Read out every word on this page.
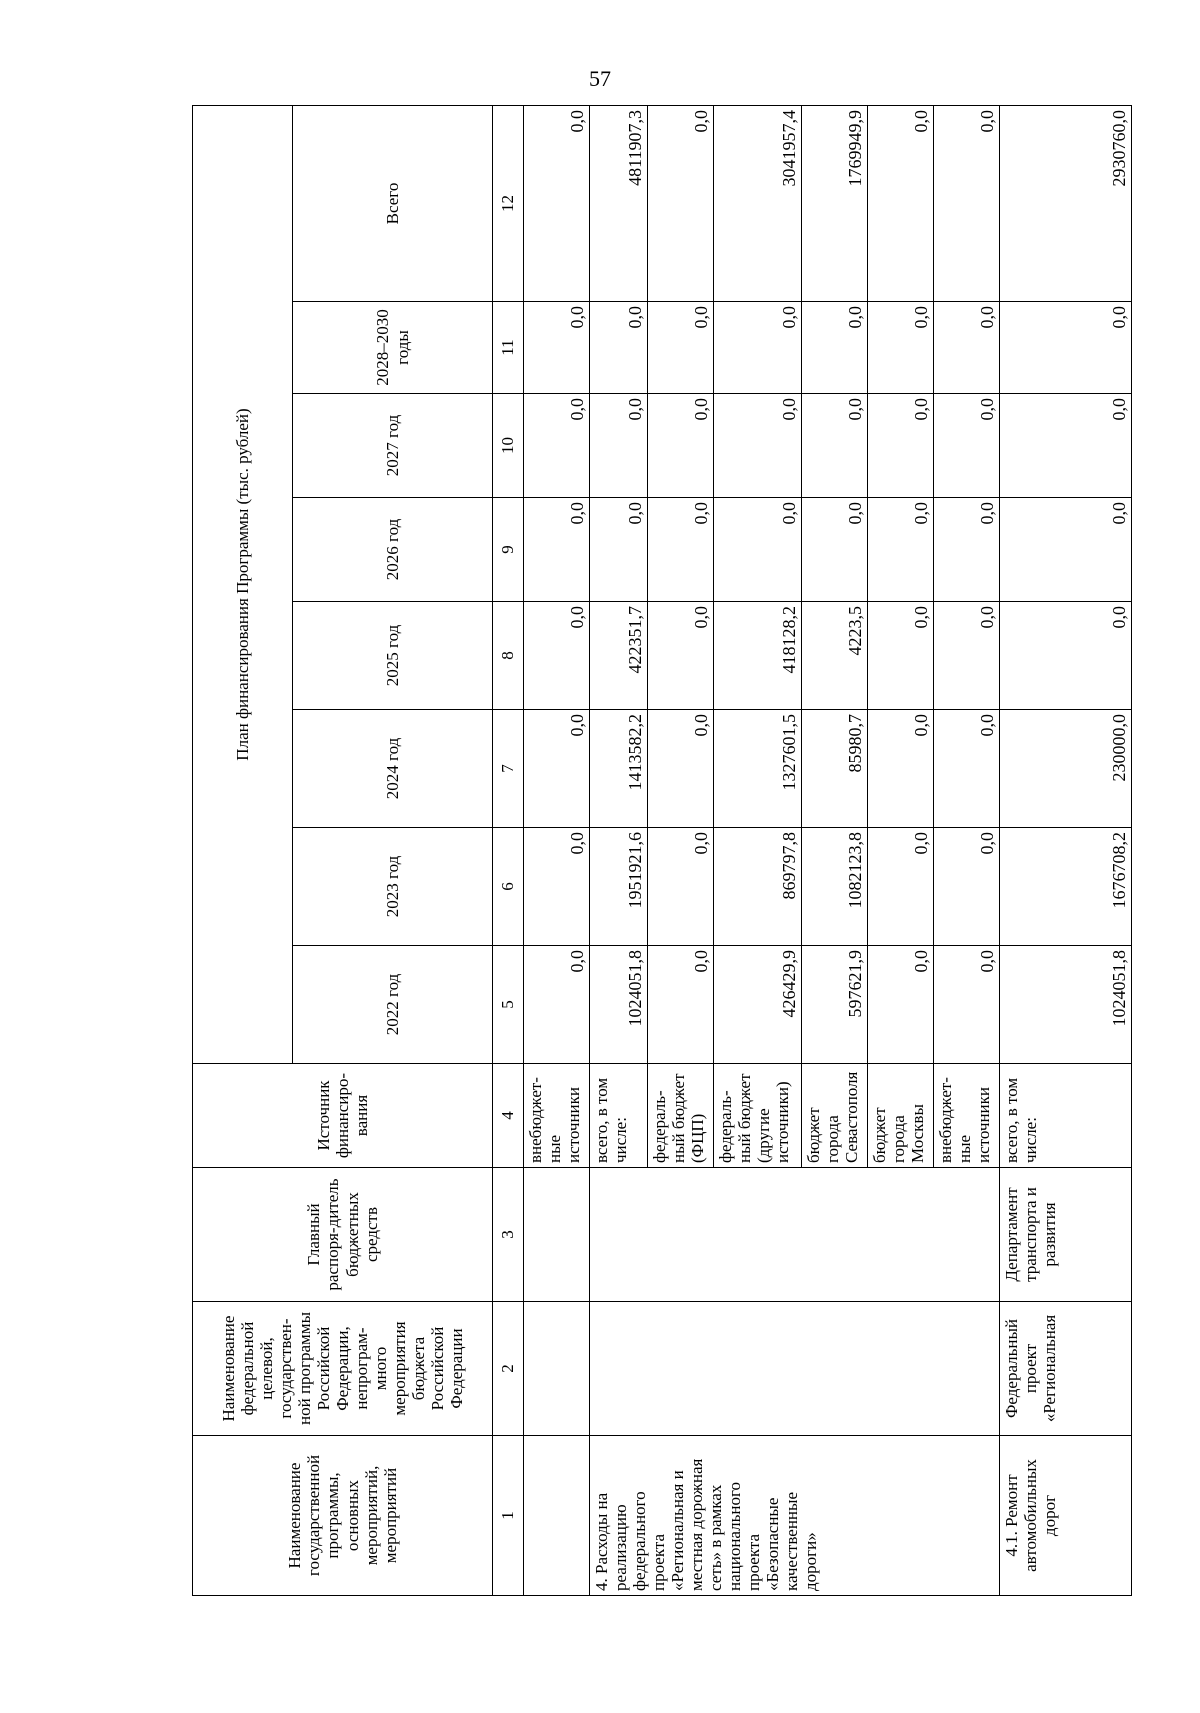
57
Наименование государственной программы, основных мероприятий, мероприятий	Наименование федеральной целевой, государствен-ной программы Российской Федерации, непрограм-много мероприятия бюджета Российской Федерации	Главный распоря-дитель бюджетных средств	Источник финансиро-вания	План финансирования Программы (тыс. рублей)							
				2022 год	2023 год	2024 год	2025 год	2026 год	2027 год	2028–2030 годы	Всего
1	2	3	4	5	6	7	8	9	10	11	12
			внебюджет-ные источники	0,0	0,0	0,0	0,0	0,0	0,0	0,0	0,0
4. Расходы на реализацию федерального проекта «Региональная и местная дорожная сеть» в рамках национального проекта «Безопасные качественные дороги»			всего, в том числе:	1024051,8	1951921,6	1413582,2	422351,7	0,0	0,0	0,0	4811907,3
			федераль-ный бюджет (ФЦП)	0,0	0,0	0,0	0,0	0,0	0,0	0,0	0,0
			федераль-ный бюджет (другие источники)	426429,9	869797,8	1327601,5	418128,2	0,0	0,0	0,0	3041957,4
			бюджет города Севастополя	597621,9	1082123,8	85980,7	4223,5	0,0	0,0	0,0	1769949,9
			бюджет города Москвы	0,0	0,0	0,0	0,0	0,0	0,0	0,0	0,0
			внебюджет-ные источники	0,0	0,0	0,0	0,0	0,0	0,0	0,0	0,0
4.1. Ремонт автомобильных дорог	Федеральный проект «Региональная	Департамент транспорта и развития	всего, в том числе:	1024051,8	1676708,2	230000,0	0,0	0,0	0,0	0,0	2930760,0
